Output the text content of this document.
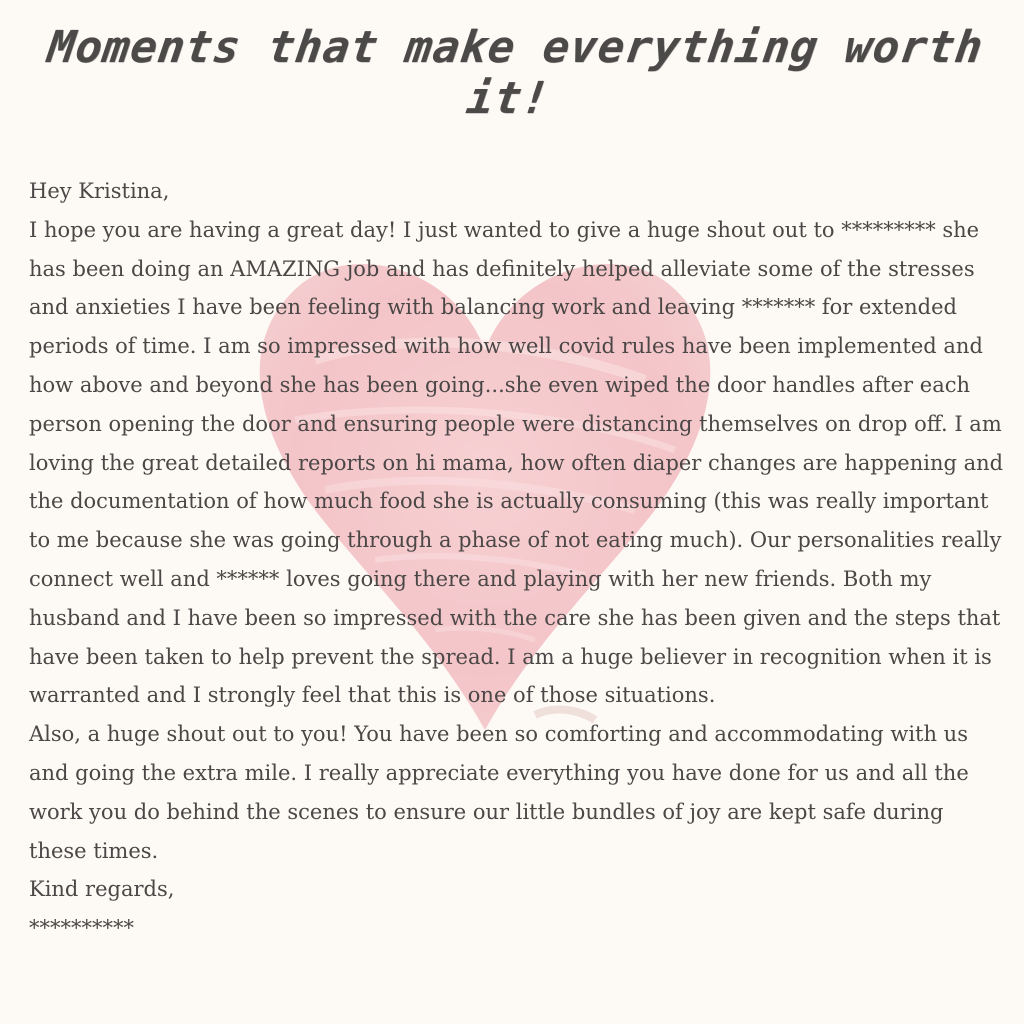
Moments that make everything worth it!

Hey Kristina,

I hope you are having a great day! I just wanted to give a huge shout out to ********* she has been doing an AMAZING job and has definitely helped alleviate some of the stresses and anxieties I have been feeling with balancing work and leaving ******* for extended periods of time. I am so impressed with how well covid rules have been implemented and how above and beyond she has been going...she even wiped the door handles after each person opening the door and ensuring people were distancing themselves on drop off. I am loving the great detailed reports on hi mama, how often diaper changes are happening and the documentation of how much food she is actually consuming (this was really important to me because she was going through a phase of not eating much). Our personalities really connect well and ****** loves going there and playing with her new friends. Both my husband and I have been so impressed with the care she has been given and the steps that have been taken to help prevent the spread. I am a huge believer in recognition when it is warranted and I strongly feel that this is one of those situations.

Also, a huge shout out to you! You have been so comforting and accommodating with us and going the extra mile. I really appreciate everything you have done for us and all the work you do behind the scenes to ensure our little bundles of joy are kept safe during these times.

Kind regards,

**********
